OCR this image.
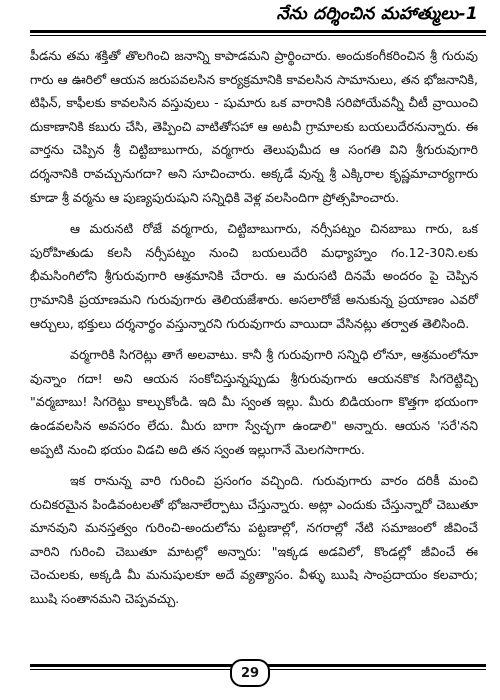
నేను దర్శించిన మహాత్ములు-1

పీడను తమ శక్తితో తొలగించి జనాన్ని కాపాడమని ప్రార్థించారు. అందుకంగీకరించిన శ్రీ గురువు గారు ఆ ఊరిలో ఆయన జరుపవలసిన కార్యక్రమానికి కావలసిన సామానులు, తన భోజనానికి, టిఫిన్, కాఫీలకు కావలసిన వస్తువులు - షుమారు ఒక వారానికి సరిపోయేవన్నీ చీటీ వ్రాయించి దుకాణానికి కబురు చేసి, తెప్పించి వాటితోసహా ఆ అటవీ గ్రామాలకు బయలుదేరనున్నారు. ఈ వార్తను చెప్పిన శ్రీ చిట్టిబాబుగారు, వర్మగారు తెలుపుమీద ఆ సంగతి విని శ్రీగురువుగారి దర్శనానికి రావచ్చునుగదా? అని సూచించారు. అక్కడే వున్న శ్రీ ఎక్కిరాల కృష్ణమాచార్యగారు కూడా శ్రీ వర్మను ఆ పుణ్యపురుషుని సన్నిధికి వెళ్ల వలసిందిగా ప్రోత్సహించారు.

ఆ మరునటి రోజే వర్మగారు, చిట్టిబాబుగారు, నర్సీపట్నం చినబాబు గారు, ఒక పురోహితుడు కలసి నర్సీపట్నం నుంచి బయలుదేరి మధ్యాహ్నం గం.12-30ని.లకు భీమసింగిలోని శ్రీగురువుగారి ఆశ్రమానికి చేరారు. ఆ మరుసటి దినమే అందరం పై చెప్పిన గ్రామానికి ప్రయాణమని గురువుగారు తెలియజేశారు. అసలారోజే అనుకున్న ప్రయాణం ఎవరో ఆర్చులు, భక్తులు దర్శనార్థం వస్తున్నారని గురువుగారు వాయిదా వేసినట్లు తర్వాత తెలిసింది.

వర్మగారికి సిగరెట్లు తాగే అలవాటు. కానీ శ్రీ గురువుగారి సన్నిధి లోనూ, ఆశ్రమంలోనూ వున్నాం గదా! అని ఆయన సంకోచిస్తున్నప్పుడు శ్రీగురువుగారు ఆయనకొక సిగరెట్టిచ్చి "వర్మబాబు! సిగరెట్టు కాల్చుకోండి. ఇది మీ స్వంత ఇల్లు. మీరు బిడియంగా కొత్తగా భయంగా ఉండవలసిన అవసరం లేదు. మీరు బాగా స్వేచ్ఛగా ఉండాలి" అన్నారు. ఆయన 'సరే'నని అప్పటి నుంచి భయం విడచి అది తన స్వంత ఇల్లుగానే మెలగసాగారు.

ఇక రానున్న వారి గురించి ప్రసంగం వచ్చింది. గురువుగారు వారం దరికీ మంచి రుచికరమైన పిండివంటలతో భోజనాలేర్పాటు చేస్తున్నారు. అట్లా ఎందుకు చేస్తున్నారో చెబుతూ మానవుని మనస్తత్వం గురించి-అందులోను పట్టణాల్లో, నగరాల్లో నేటి సమాజంలో జీవించే వారిని గురించి చెబుతూ మాటల్లో అన్నారు: "ఇక్కడ అడవిలో, కొండల్లో జీవించే ఈ చెంచులకు, అక్కడి మీ మనుషులకూ అదే వ్యత్యాసం. వీళ్ళు ఋషి సాంప్రదాయం కలవారు; ఋషి సంతానమని చెప్పవచ్చు.

29
